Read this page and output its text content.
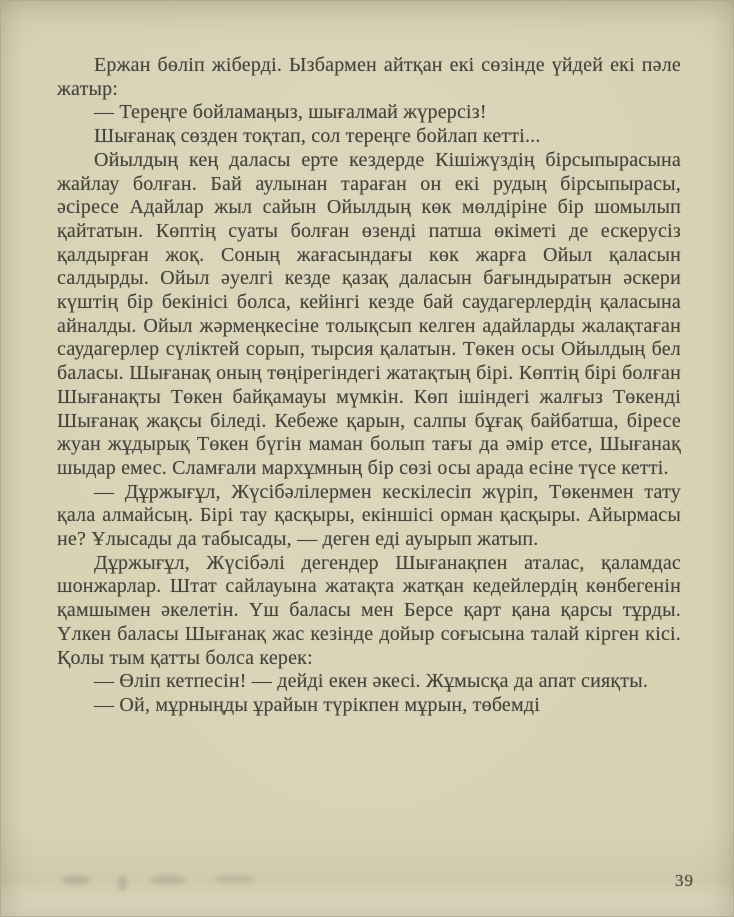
Ержан бөліп жіберді. Ызбармен айтқан екі сөзінде үйдей екі пәле жатыр:

— Тереңге бойламаңыз, шығалмай жүрерсіз!

Шығанақ сөзден тоқтап, сол тереңге бойлап кетті...

Ойылдың кең даласы ерте кездерде Кішіжүздің бірсыпырасына жайлау болған. Бай аулынан тараған он екі рудың бірсыпырасы, әсіресе Адайлар жыл сайын Ойылдың көк мөлдіріне бір шомылып қайтатын. Көптің суаты болған өзенді патша өкіметі де ескерусіз қалдырған жоқ. Соның жағасындағы көк жарға Ойыл қаласын салдырды. Ойыл әуелгі кезде қазақ даласын бағындыратын әскери күштің бір бекінісі болса, кейінгі кезде бай саудагерлердің қаласына айналды. Ойыл жәрмеңкесіне толықсып келген адайларды жалақтаған саудагерлер сүліктей сорып, тырсия қалатын. Төкен осы Ойылдың бел баласы. Шығанақ оның төңірегіндегі жатақтың бірі. Көптің бірі болған Шығанақты Төкен байқамауы мүмкін. Көп ішіндегі жалғыз Төкенді Шығанақ жақсы біледі. Кебеже қарын, салпы бұғақ байбатша, біресе жуан жұдырық Төкен бүгін маман болып тағы да әмір етсе, Шығанақ шыдар емес. Сламғали мархұмның бір сөзі осы арада есіне түсе кетті.

— Дұржығұл, Жүсібәлілермен кескілесіп жүріп, Төкенмен тату қала алмайсың. Бірі тау қасқыры, екіншісі орман қасқыры. Айырмасы не? Ұлысады да табысады, — деген еді ауырып жатып.

Дұржығұл, Жүсібәлі дегендер Шығанақпен аталас, қаламдас шонжарлар. Штат сайлауына жатақта жатқан кедейлердің көнбегенін қамшымен әкелетін. Үш баласы мен Берсе қарт қана қарсы тұрды. Үлкен баласы Шығанақ жас кезінде дойыр соғысына талай кірген кісі. Қолы тым қатты болса керек:

— Өліп кетпесін! — дейді екен әкесі. Жұмысқа да апат сияқты.

— Ой, мұрныңды ұрайын түрікпен мұрын, төбемді

39
